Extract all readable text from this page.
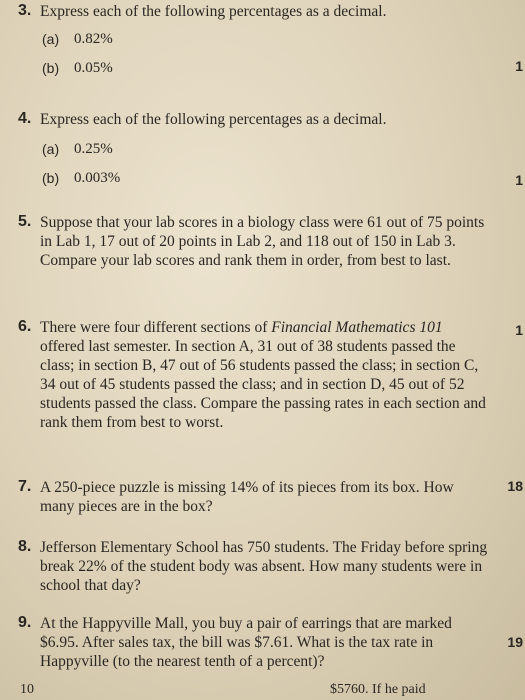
3. Express each of the following percentages as a decimal.
(a) 0.82%
(b) 0.05%
4. Express each of the following percentages as a decimal.
(a) 0.25%
(b) 0.003%
5. Suppose that your lab scores in a biology class were 61 out of 75 points in Lab 1, 17 out of 20 points in Lab 2, and 118 out of 150 in Lab 3. Compare your lab scores and rank them in order, from best to last.
6. There were four different sections of Financial Mathematics 101 offered last semester. In section A, 31 out of 38 students passed the class; in section B, 47 out of 56 students passed the class; in section C, 34 out of 45 students passed the class; and in section D, 45 out of 52 students passed the class. Compare the passing rates in each section and rank them from best to worst.
7. A 250-piece puzzle is missing 14% of its pieces from its box. How many pieces are in the box?
8. Jefferson Elementary School has 750 students. The Friday before spring break 22% of the student body was absent. How many students were in school that day?
9. At the Happyville Mall, you buy a pair of earrings that are marked $6.95. After sales tax, the bill was $7.61. What is the tax rate in Happyville (to the nearest tenth of a percent)?
1
1
1
18
19
10	$5760. If he paid
